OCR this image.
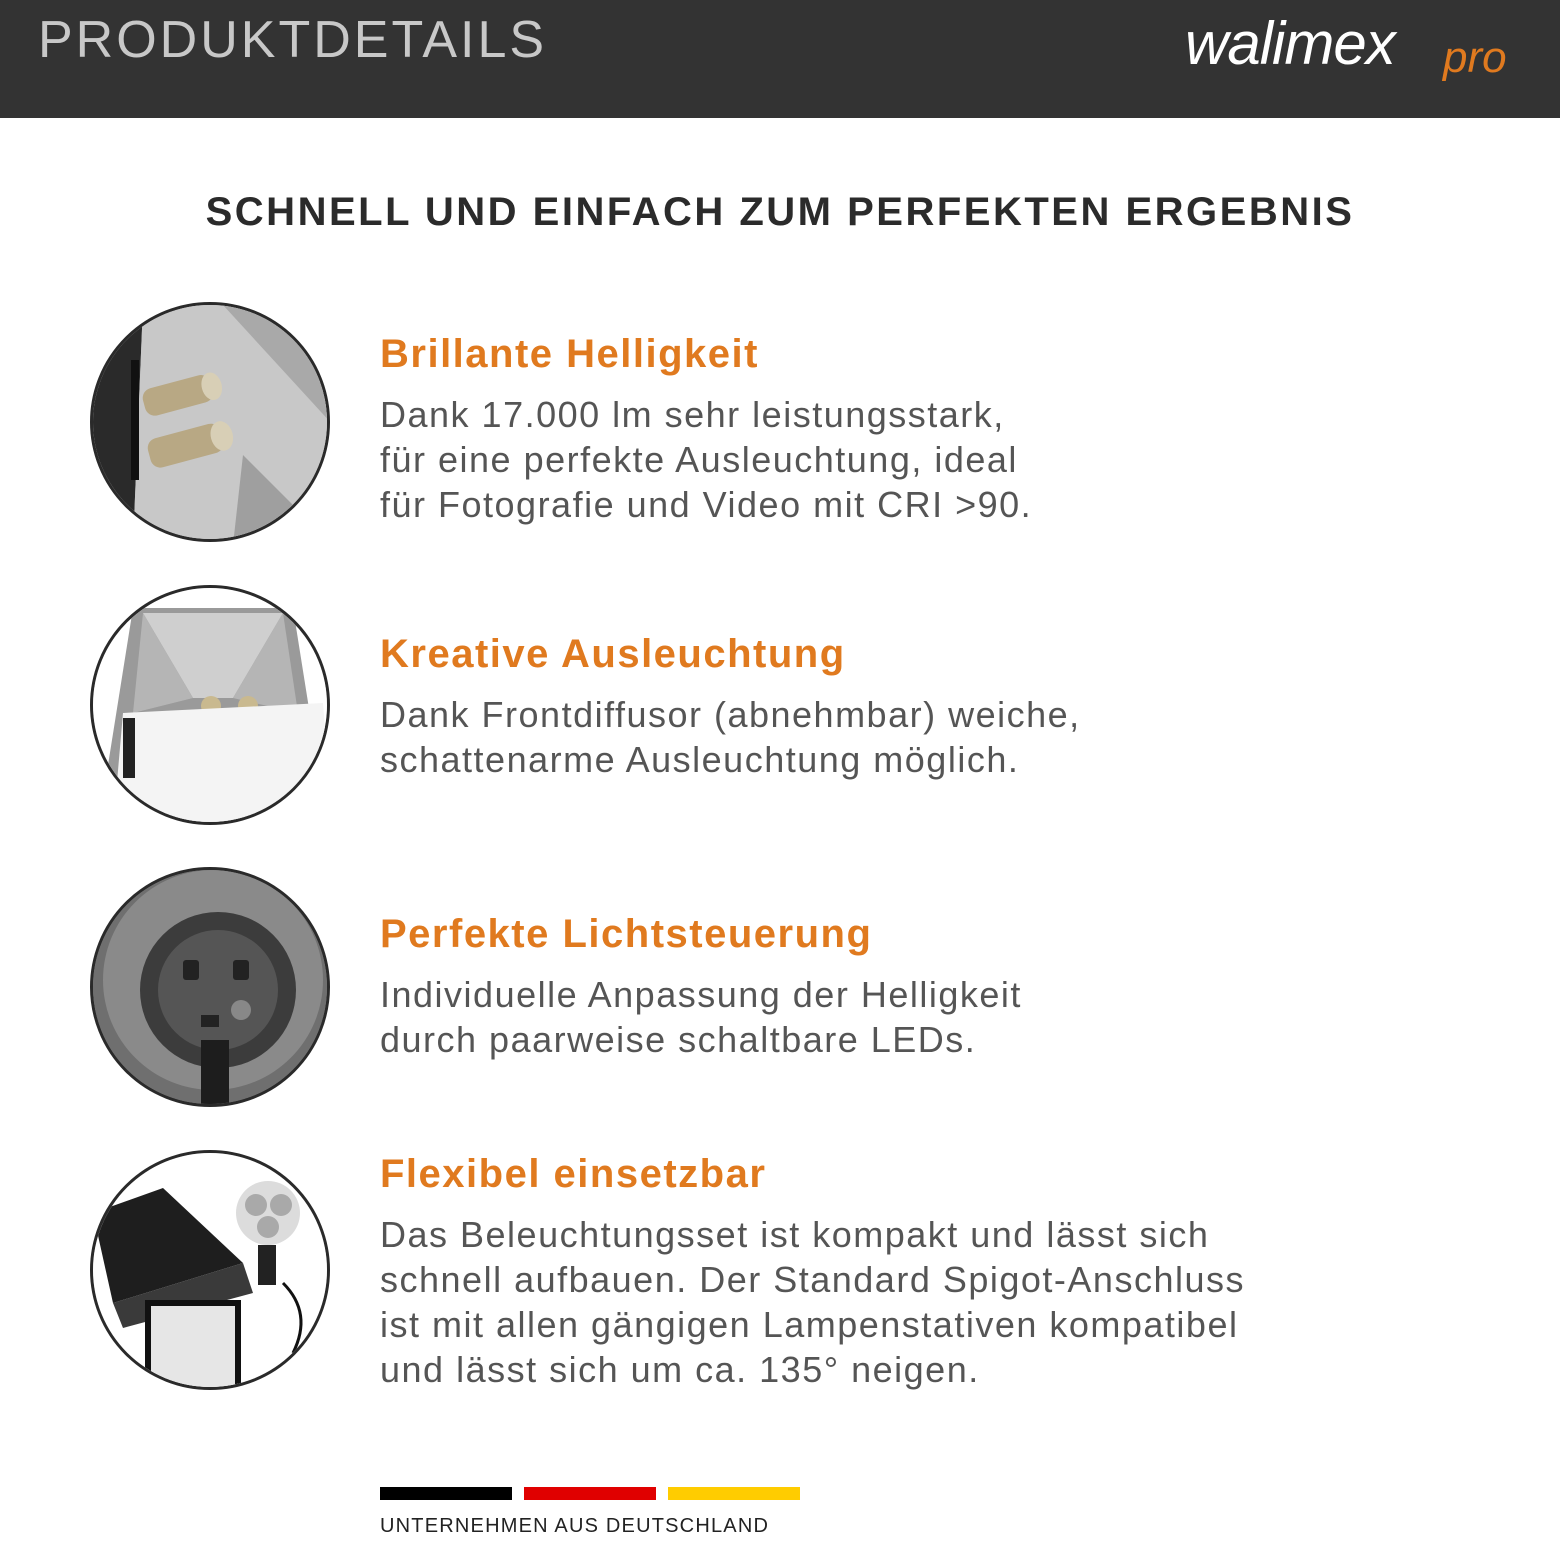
PRODUKTDETAILS	walimex pro
SCHNELL UND EINFACH ZUM PERFEKTEN ERGEBNIS
Brillante Helligkeit
Dank 17.000 lm sehr leistungsstark,
für eine perfekte Ausleuchtung, ideal
für Fotografie und Video mit CRI >90.
Kreative Ausleuchtung
Dank Frontdiffusor (abnehmbar) weiche,
schattenarme Ausleuchtung möglich.
Perfekte Lichtsteuerung
Individuelle Anpassung der Helligkeit
durch paarweise schaltbare LEDs.
Flexibel einsetzbar
Das Beleuchtungsset ist kompakt und lässt sich
schnell aufbauen. Der Standard Spigot-Anschluss
ist mit allen gängigen Lampenstativen kompatibel
und lässt sich um ca. 135° neigen.
UNTERNEHMEN AUS DEUTSCHLAND
